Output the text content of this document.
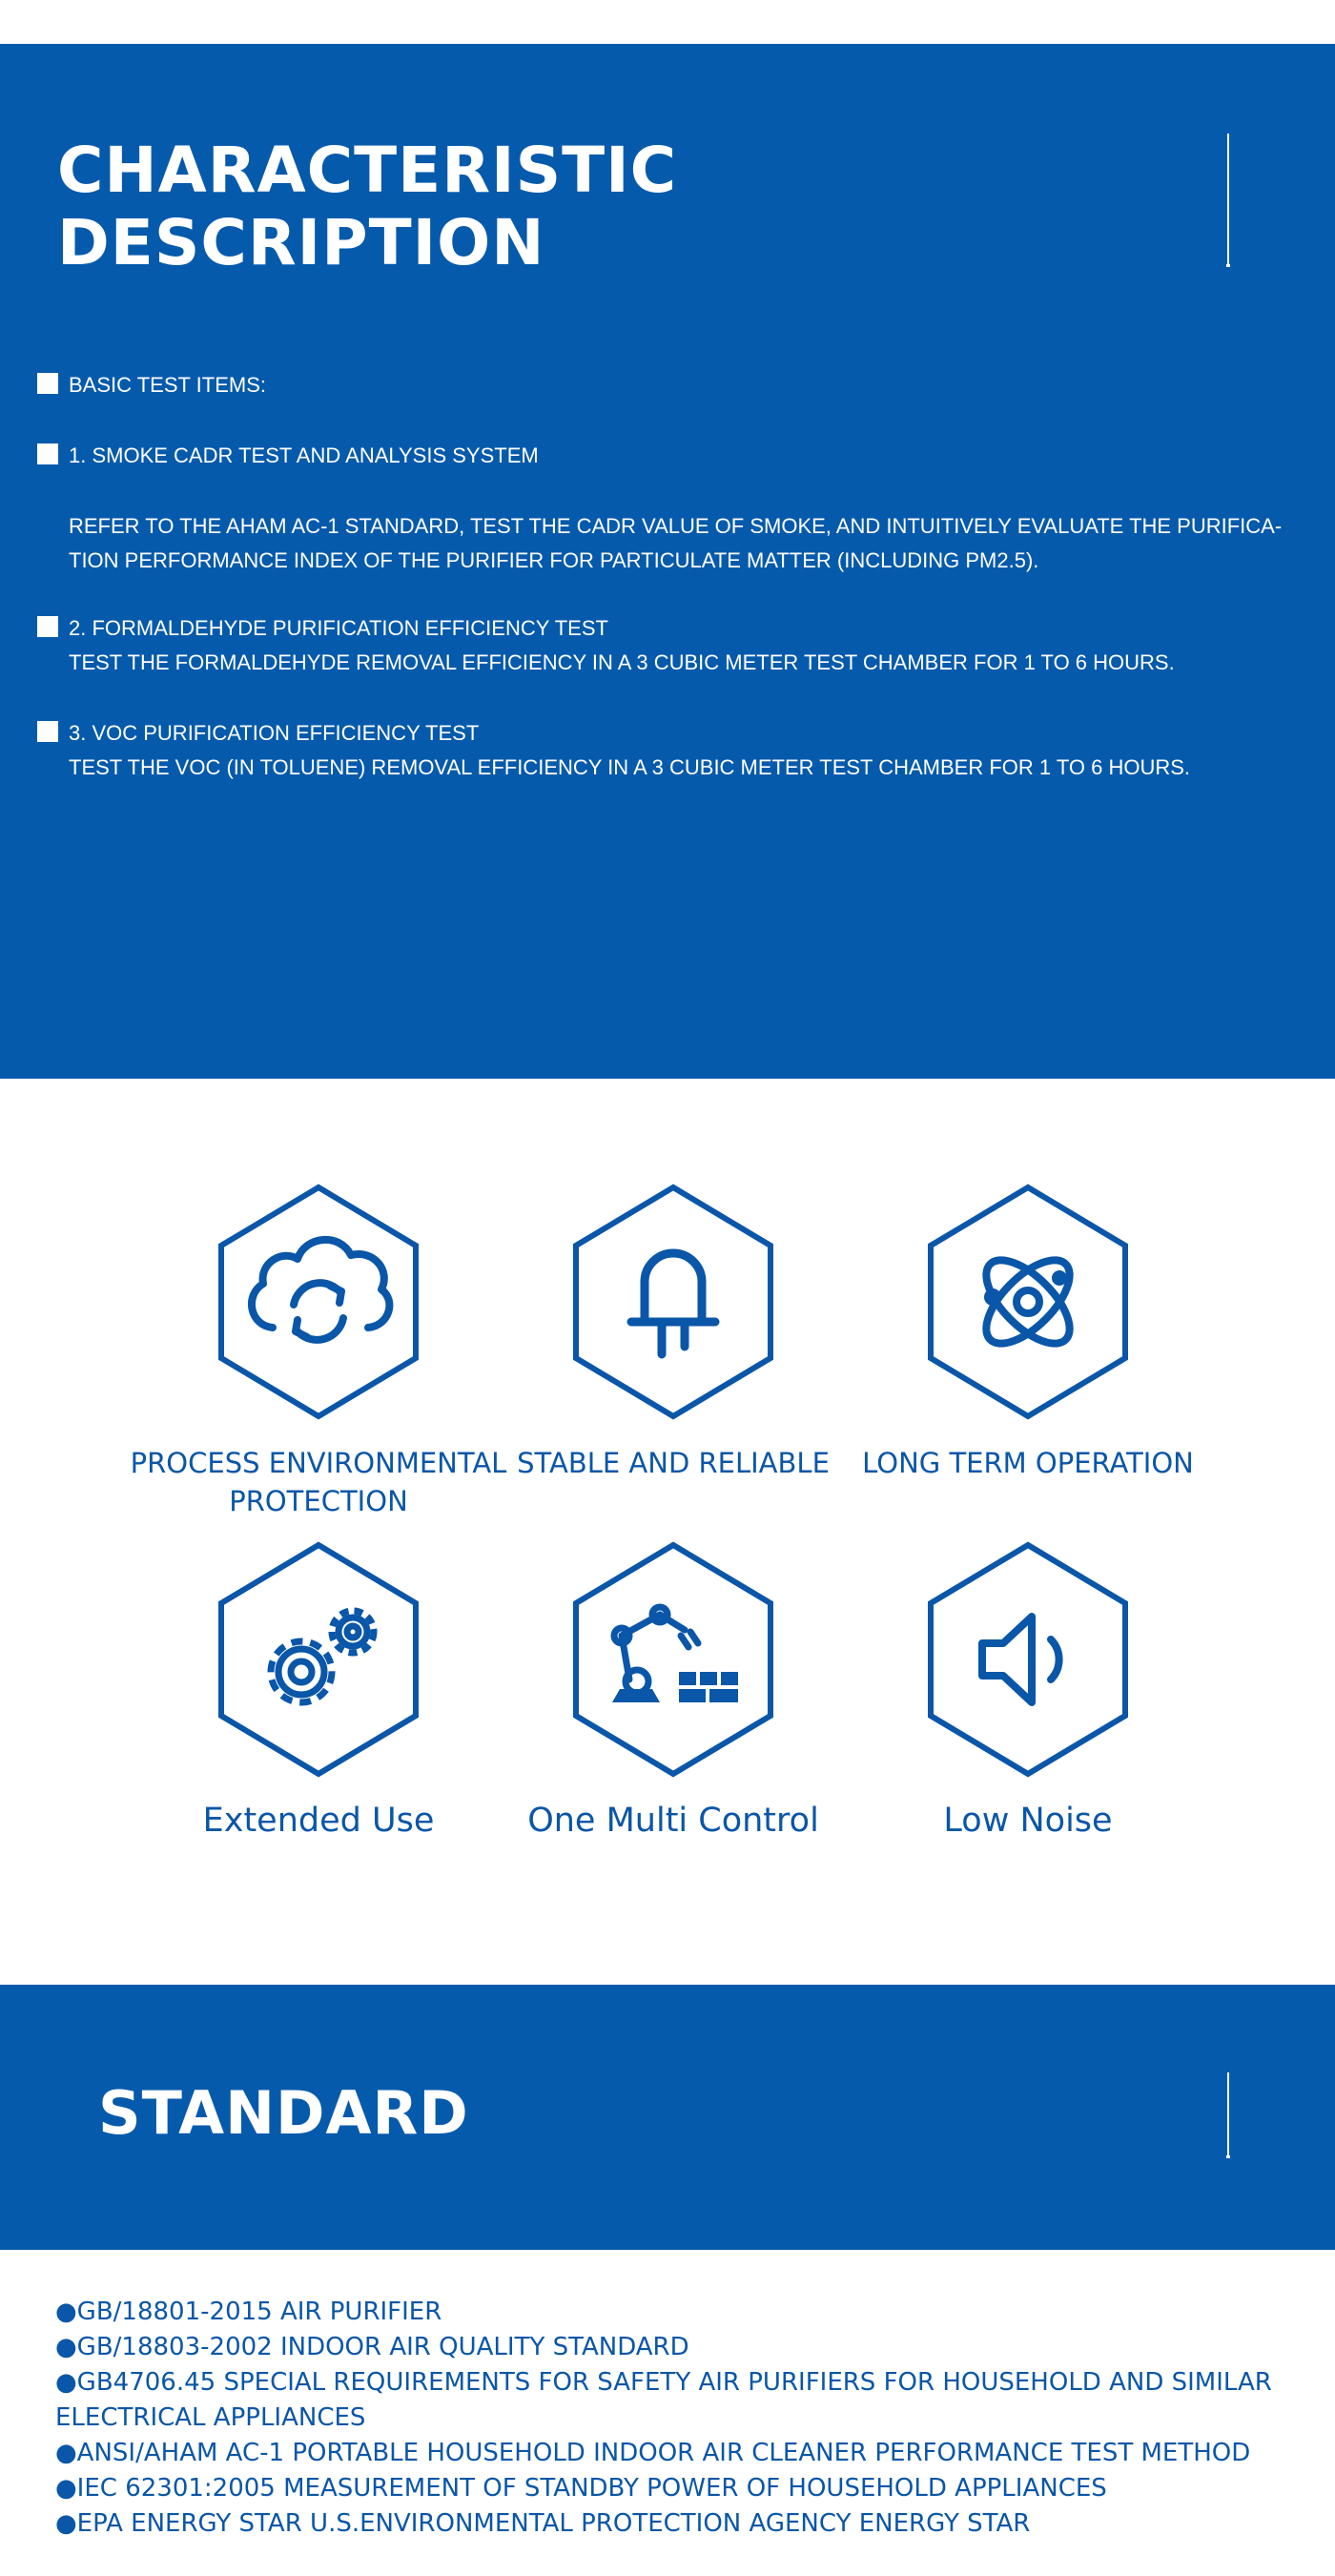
CHARACTERISTIC
DESCRIPTION
BASIC TEST ITEMS:
1. SMOKE CADR TEST AND ANALYSIS SYSTEM
REFER TO THE AHAM AC-1 STANDARD, TEST THE CADR VALUE OF SMOKE, AND INTUITIVELY EVALUATE THE PURIFICA-
TION PERFORMANCE INDEX OF THE PURIFIER FOR PARTICULATE MATTER (INCLUDING PM2.5).
2. FORMALDEHYDE PURIFICATION EFFICIENCY TEST
TEST THE FORMALDEHYDE REMOVAL EFFICIENCY IN A 3 CUBIC METER TEST CHAMBER FOR 1 TO 6 HOURS.
3. VOC PURIFICATION EFFICIENCY TEST
TEST THE VOC (IN TOLUENE) REMOVAL EFFICIENCY IN A 3 CUBIC METER TEST CHAMBER FOR 1 TO 6 HOURS.
PROCESS ENVIRONMENTAL PROTECTION
STABLE AND RELIABLE	LONG TERM OPERATION
Extended Use	One Multi Control	Low Noise
STANDARD

●GB/18801-2015 AIR PURIFIER

●GB/18803-2002 INDOOR AIR QUALITY STANDARD

●GB4706.45 SPECIAL REQUIREMENTS FOR SAFETY AIR PURIFIERS FOR HOUSEHOLD AND SIMILAR ELECTRICAL APPLIANCES

●ANSI/AHAM AC-1 PORTABLE HOUSEHOLD INDOOR AIR CLEANER PERFORMANCE TEST METHOD

●IEC 62301:2005 MEASUREMENT OF STANDBY POWER OF HOUSEHOLD APPLIANCES

●EPA ENERGY STAR U.S.ENVIRONMENTAL PROTECTION AGENCY ENERGY STAR
